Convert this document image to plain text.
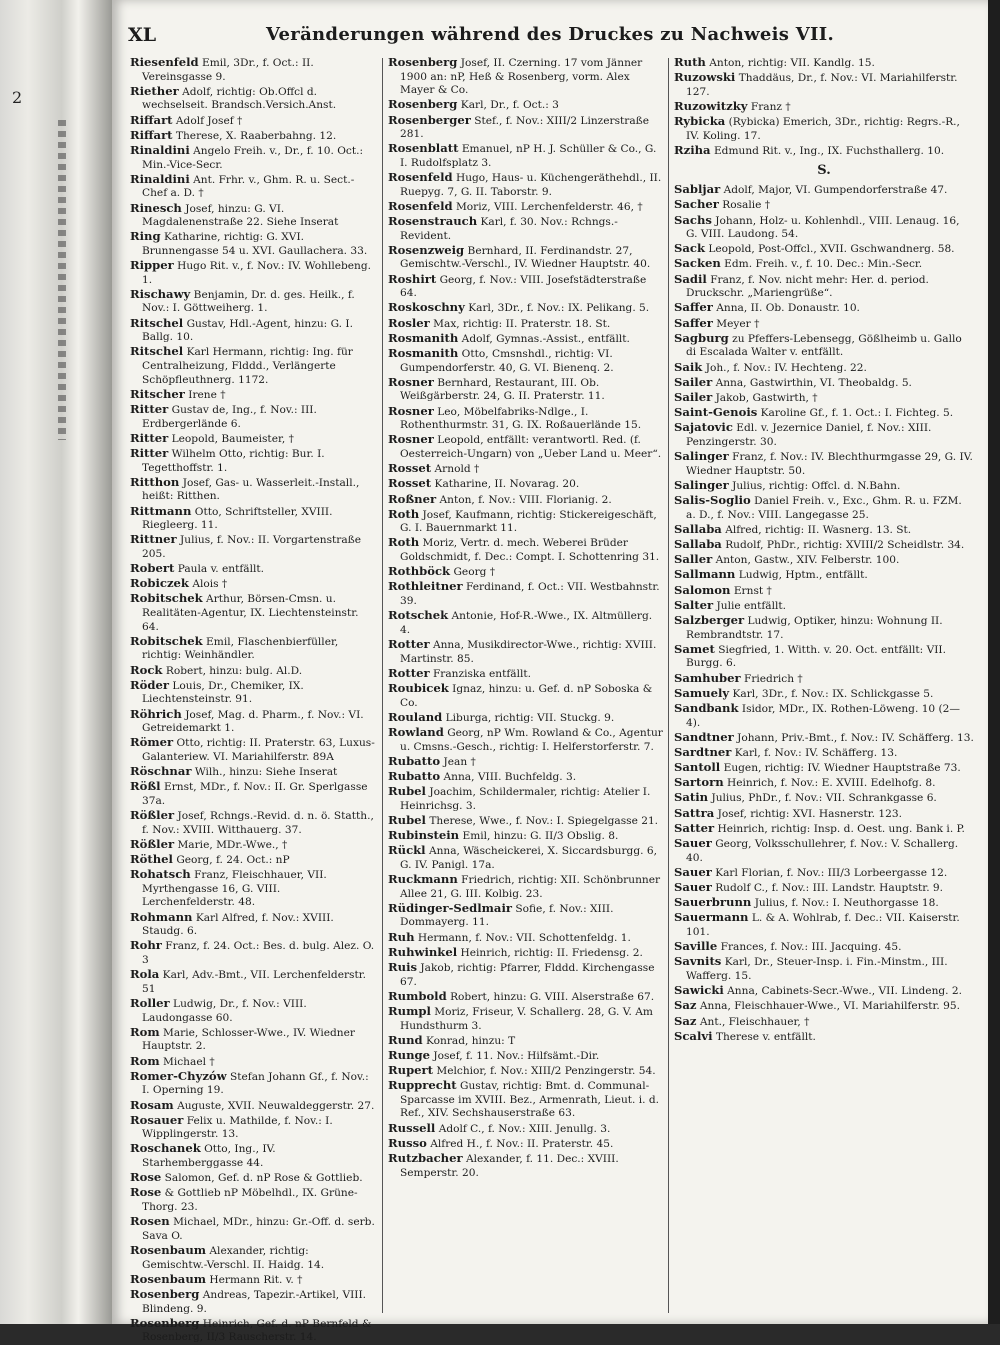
2
XL	Veränderungen während des Druckes zu Nachweis VII.
Riesenfeld Emil, 3Dr., f. Oct.: II. Vereinsgasse 9.
Riether Adolf, richtig: Ob.Offcl d. wechselseit. Brandsch.Versich.Anst.
Riffart Adolf Josef †
Riffart Therese, X. Raaberbahng. 12.
Rinaldini Angelo Freih. v., Dr., f. 10. Oct.: Min.-Vice-Secr.
Rinaldini Ant. Frhr. v., Ghm. R. u. Sect.-Chef a. D. †
Rinesch Josef, hinzu: G. VI. Magdalenenstraße 22. Siehe Inserat
Ring Katharine, richtig: G. XVI. Brunnengasse 54 u. XVI. Gaullachera. 33.
Ripper Hugo Rit. v., f. Nov.: IV. Wohllebeng. 1.
Rischawy Benjamin, Dr. d. ges. Heilk., f. Nov.: I. Göttweiherg. 1.
Ritschel Gustav, Hdl.-Agent, hinzu: G. I. Ballg. 10.
Ritschel Karl Hermann, richtig: Ing. für Centralheizung, Flddd., Verlängerte Schöpfleuthnerg. 1172.
Ritscher Irene †
Ritter Gustav de, Ing., f. Nov.: III. Erdbergerlände 6.
Ritter Leopold, Baumeister, †
Ritter Wilhelm Otto, richtig: Bur. I. Tegetthoffstr. 1.
Ritthon Josef, Gas- u. Wasserleit.-Install., heißt: Ritthen.
Rittmann Otto, Schriftsteller, XVIII. Riegleerg. 11.
Rittner Julius, f. Nov.: II. Vorgartenstraße 205.
Robert Paula v. entfällt.
Robiczek Alois †
Robitschek Arthur, Börsen-Cmsn. u. Realitäten-Agentur, IX. Liechtensteinstr. 64.
Robitschek Emil, Flaschenbierfüller, richtig: Weinhändler.
Rock Robert, hinzu: bulg. Al.D.
Röder Louis, Dr., Chemiker, IX. Liechtensteinstr. 91.
Röhrich Josef, Mag. d. Pharm., f. Nov.: VI. Getreidemarkt 1.
Römer Otto, richtig: II. Praterstr. 63, Luxus-Galanteriew. VI. Mariahilferstr. 89A
Röschnar Wilh., hinzu: Siehe Inserat
Rößl Ernst, MDr., f. Nov.: II. Gr. Sperlgasse 37a.
Rößler Josef, Rchngs.-Revid. d. n. ö. Statth., f. Nov.: XVIII. Witthauerg. 37.
Rößler Marie, MDr.-Wwe., †
Röthel Georg, f. 24. Oct.: nP
Rohatsch Franz, Fleischhauer, VII. Myrthengasse 16, G. VIII. Lerchenfelderstr. 48.
Rohmann Karl Alfred, f. Nov.: XVIII. Staudg. 6.
Rohr Franz, f. 24. Oct.: Bes. d. bulg. Alez. O. 3
Rola Karl, Adv.-Bmt., VII. Lerchenfelderstr. 51
Roller Ludwig, Dr., f. Nov.: VIII. Laudongasse 60.
Rom Marie, Schlosser-Wwe., IV. Wiedner Hauptstr. 2.
Rom Michael †
Romer-Chyzów Stefan Johann Gf., f. Nov.: I. Operning 19.
Rosam Auguste, XVII. Neuwaldeggerstr. 27.
Rosauer Felix u. Mathilde, f. Nov.: I. Wipplingerstr. 13.
Roschanek Otto, Ing., IV. Starhemberggasse 44.
Rose Salomon, Gef. d. nP Rose & Gottlieb.
Rose & Gottlieb nP Möbelhdl., IX. Grüne-Thorg. 23.
Rosen Michael, MDr., hinzu: Gr.-Off. d. serb. Sava O.
Rosenbaum Alexander, richtig: Gemischtw.-Verschl. II. Haidg. 14.
Rosenbaum Hermann Rit. v. †
Rosenberg Andreas, Tapezir.-Artikel, VIII. Blindeng. 9.
Rosenberg Heinrich, Gef. d. nP Bernfeld & Rosenberg, II/3 Rauscherstr. 14.
Rosenberg Josef, II. Czerning. 17 vom Jänner 1900 an: nP, Heß & Rosenberg, vorm. Alex Mayer & Co.
Rosenberg Karl, Dr., f. Oct.: 3
Rosenberger Stef., f. Nov.: XIII/2 Linzerstraße 281.
Rosenblatt Emanuel, nP H. J. Schüller & Co., G. I. Rudolfsplatz 3.
Rosenfeld Hugo, Haus- u. Küchengeräthehdl., II. Ruepyg. 7, G. II. Taborstr. 9.
Rosenfeld Moriz, VIII. Lerchenfelderstr. 46, †
Rosenstrauch Karl, f. 30. Nov.: Rchngs.-Revident.
Rosenzweig Bernhard, II. Ferdinandstr. 27, Gemischtw.-Verschl., IV. Wiedner Hauptstr. 40.
Roshirt Georg, f. Nov.: VIII. Josefstädterstraße 64.
Roskoschny Karl, 3Dr., f. Nov.: IX. Pelikang. 5.
Rosler Max, richtig: II. Praterstr. 18. St.
Rosmanith Adolf, Gymnas.-Assist., entfällt.
Rosmanith Otto, Cmsnshdl., richtig: VI. Gumpendorferstr. 40, G. VI. Bienenq. 2.
Rosner Bernhard, Restaurant, III. Ob. Weißgärberstr. 24, G. II. Praterstr. 11.
Rosner Leo, Möbelfabriks-Ndlge., I. Rothenthurmstr. 31, G. IX. Roßauerlände 15.
Rosner Leopold, entfällt: verantwortl. Red. (f. Oesterreich-Ungarn) von „Ueber Land u. Meer“.
Rosset Arnold †
Rosset Katharine, II. Novarag. 20.
Roßner Anton, f. Nov.: VIII. Florianig. 2.
Roth Josef, Kaufmann, richtig: Stickereigeschäft, G. I. Bauernmarkt 11.
Roth Moriz, Vertr. d. mech. Weberei Brüder Goldschmidt, f. Dec.: Compt. I. Schottenring 31.
Rothböck Georg †
Rothleitner Ferdinand, f. Oct.: VII. Westbahnstr. 39.
Rotschek Antonie, Hof-R.-Wwe., IX. Altmüllerg. 4.
Rotter Anna, Musikdirector-Wwe., richtig: XVIII. Martinstr. 85.
Rotter Franziska entfällt.
Roubicek Ignaz, hinzu: u. Gef. d. nP Soboska & Co.
Rouland Liburga, richtig: VII. Stuckg. 9.
Rowland Georg, nP Wm. Rowland & Co., Agentur u. Cmsns.-Gesch., richtig: I. Helferstorferstr. 7.
Rubatto Jean †
Rubatto Anna, VIII. Buchfeldg. 3.
Rubel Joachim, Schildermaler, richtig: Atelier I. Heinrichsg. 3.
Rubel Therese, Wwe., f. Nov.: I. Spiegelgasse 21.
Rubinstein Emil, hinzu: G. II/3 Obslig. 8.
Rückl Anna, Wäscheickerei, X. Siccardsburgg. 6, G. IV. Panigl. 17a.
Ruckmann Friedrich, richtig: XII. Schönbrunner Allee 21, G. III. Kolbig. 23.
Rüdinger-Sedlmair Sofie, f. Nov.: XIII. Dommayerg. 11.
Ruh Hermann, f. Nov.: VII. Schottenfeldg. 1.
Ruhwinkel Heinrich, richtig: II. Friedensg. 2.
Ruis Jakob, richtig: Pfarrer, Flddd. Kirchengasse 67.
Rumbold Robert, hinzu: G. VIII. Alserstraße 67.
Rumpl Moriz, Friseur, V. Schallerg. 28, G. V. Am Hundsthurm 3.
Rund Konrad, hinzu: T
Runge Josef, f. 11. Nov.: Hilfsämt.-Dir.
Rupert Melchior, f. Nov.: XIII/2 Penzingerstr. 54.
Rupprecht Gustav, richtig: Bmt. d. Communal-Sparcasse im XVIII. Bez., Armenrath, Lieut. i. d. Ref., XIV. Sechshauserstraße 63.
Russell Adolf C., f. Nov.: XIII. Jenullg. 3.
Russo Alfred H., f. Nov.: II. Praterstr. 45.
Rutzbacher Alexander, f. 11. Dec.: XVIII. Semperstr. 20.
Ruth Anton, richtig: VII. Kandlg. 15.
Ruzowski Thaddäus, Dr., f. Nov.: VI. Mariahilferstr. 127.
Ruzowitzky Franz †
Rybicka (Rybicka) Emerich, 3Dr., richtig: Regrs.-R., IV. Koling. 17.
Rziha Edmund Rit. v., Ing., IX. Fuchsthallerg. 10.
S.
Sabljar Adolf, Major, VI. Gumpendorferstraße 47.
Sacher Rosalie †
Sachs Johann, Holz- u. Kohlenhdl., VIII. Lenaug. 16, G. VIII. Laudong. 54.
Sack Leopold, Post-Offcl., XVII. Gschwandnerg. 58.
Sacken Edm. Freih. v., f. 10. Dec.: Min.-Secr.
Sadil Franz, f. Nov. nicht mehr: Her. d. period. Druckschr. „Mariengrüße“.
Saffer Anna, II. Ob. Donaustr. 10.
Saffer Meyer †
Sagburg zu Pfeffers-Lebensegg, Gößlheimb u. Gallo di Escalada Walter v. entfällt.
Saik Joh., f. Nov.: IV. Hechteng. 22.
Sailer Anna, Gastwirthin, VI. Theobaldg. 5.
Sailer Jakob, Gastwirth, †
Saint-Genois Karoline Gf., f. 1. Oct.: I. Fichteg. 5.
Sajatovic Edl. v. Jezernice Daniel, f. Nov.: XIII. Penzingerstr. 30.
Salinger Franz, f. Nov.: IV. Blechthurmgasse 29, G. IV. Wiedner Hauptstr. 50.
Salinger Julius, richtig: Offcl. d. N.Bahn.
Salis-Soglio Daniel Freih. v., Exc., Ghm. R. u. FZM. a. D., f. Nov.: VIII. Langegasse 25.
Sallaba Alfred, richtig: II. Wasnerg. 13. St.
Sallaba Rudolf, PhDr., richtig: XVIII/2 Scheidlstr. 34.
Saller Anton, Gastw., XIV. Felberstr. 100.
Sallmann Ludwig, Hptm., entfällt.
Salomon Ernst †
Salter Julie entfällt.
Salzberger Ludwig, Optiker, hinzu: Wohnung II. Rembrandtstr. 17.
Samet Siegfried, 1. Witth. v. 20. Oct. entfällt: VII. Burgg. 6.
Samhuber Friedrich †
Samuely Karl, 3Dr., f. Nov.: IX. Schlickgasse 5.
Sandbank Isidor, MDr., IX. Rothen-Löweng. 10 (2—4).
Sandtner Johann, Priv.-Bmt., f. Nov.: IV. Schäfferg. 13.
Sardtner Karl, f. Nov.: IV. Schäfferg. 13.
Santoll Eugen, richtig: IV. Wiedner Hauptstraße 73.
Sartorn Heinrich, f. Nov.: E. XVIII. Edelhofg. 8.
Satin Julius, PhDr., f. Nov.: VII. Schrankgasse 6.
Sattra Josef, richtig: XVI. Hasnerstr. 123.
Satter Heinrich, richtig: Insp. d. Oest. ung. Bank i. P.
Sauer Georg, Volksschullehrer, f. Nov.: V. Schallerg. 40.
Sauer Karl Florian, f. Nov.: III/3 Lorbeergasse 12.
Sauer Rudolf C., f. Nov.: III. Landstr. Hauptstr. 9.
Sauerbrunn Julius, f. Nov.: I. Neuthorgasse 18.
Sauermann L. & A. Wohlrab, f. Dec.: VII. Kaiserstr. 101.
Saville Frances, f. Nov.: III. Jacquing. 45.
Savnits Karl, Dr., Steuer-Insp. i. Fin.-Minstm., III. Wafferg. 15.
Sawicki Anna, Cabinets-Secr.-Wwe., VII. Lindeng. 2.
Saz Anna, Fleischhauer-Wwe., VI. Mariahilferstr. 95.
Saz Ant., Fleischhauer, †
Scalvi Therese v. entfällt.
